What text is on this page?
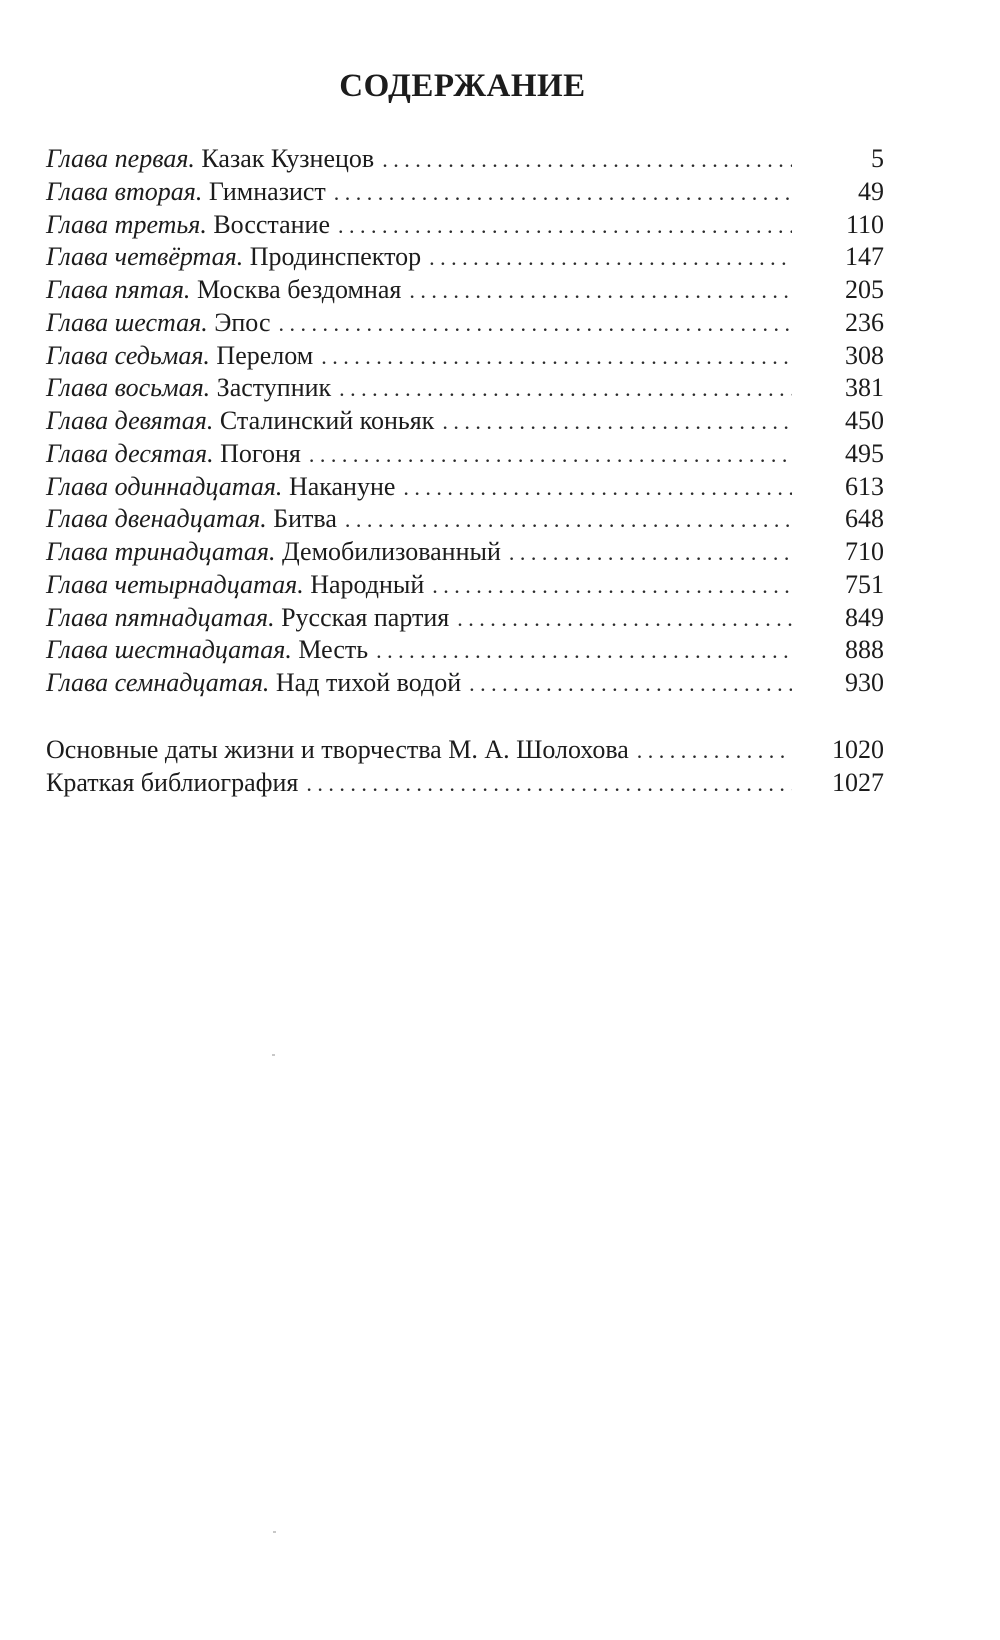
СОДЕРЖАНИЕ
Глава первая. Казак Кузнецов . . .	5
Глава вторая. Гимназист . . .	49
Глава третья. Восстание . . .	110
Глава четвёртая. Продинспектор . . .	147
Глава пятая. Москва бездомная . . .	205
Глава шестая. Эпос . . .	236
Глава седьмая. Перелом . . .	308
Глава восьмая. Заступник . . .	381
Глава девятая. Сталинский коньяк . . .	450
Глава десятая. Погоня . . .	495
Глава одиннадцатая. Накануне . . .	613
Глава двенадцатая. Битва . . .	648
Глава тринадцатая. Демобилизованный . . .	710
Глава четырнадцатая. Народный . . .	751
Глава пятнадцатая. Русская партия . . .	849
Глава шестнадцатая. Месть . . .	888
Глава семнадцатая. Над тихой водой . . .	930
Основные даты жизни и творчества М. А. Шолохова . . .	1020
Краткая библиография . . .	1027
